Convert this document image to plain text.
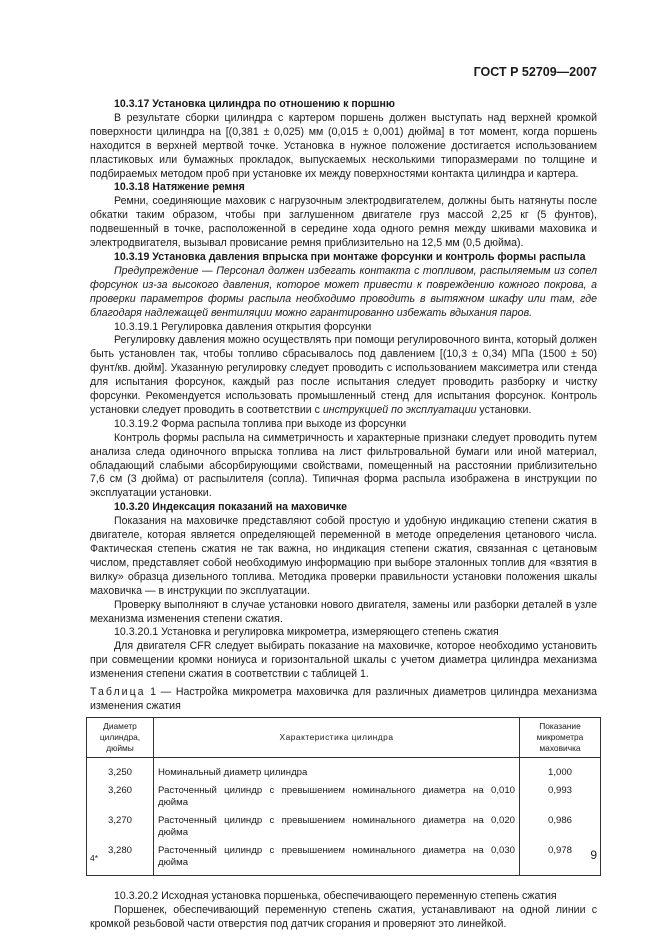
ГОСТ Р 52709—2007

10.3.17 Установка цилиндра по отношению к поршню

В результате сборки цилиндра с картером поршень должен выступать над верхней кромкой поверхности цилиндра на [(0,381 ± 0,025) мм (0,015 ± 0,001) дюйма] в тот момент, когда поршень находится в верхней мертвой точке. Установка в нужное положение достигается использованием пластиковых или бумажных прокладок, выпускаемых несколькими типоразмерами по толщине и подбираемых методом проб при установке их между поверхностями контакта цилиндра и картера.

10.3.18 Натяжение ремня

Ремни, соединяющие маховик с нагрузочным электродвигателем, должны быть натянуты после обкатки таким образом, чтобы при заглушенном двигателе груз массой 2,25 кг (5 фунтов), подвешенный в точке, расположенной в середине хода одного ремня между шкивами маховика и электродвигателя, вызывал провисание ремня приблизительно на 12,5 мм (0,5 дюйма).

10.3.19 Установка давления впрыска при монтаже форсунки и контроль формы распыла

Предупреждение — Персонал должен избегать контакта с топливом, распыляемым из сопел форсунок из-за высокого давления, которое может привести к повреждению кожного покрова, а проверки параметров формы распыла необходимо проводить в вытяжном шкафу или там, где благодаря надлежащей вентиляции можно гарантированно избежать вдыхания паров.

10.3.19.1 Регулировка давления открытия форсунки

Регулировку давления можно осуществлять при помощи регулировочного винта, который должен быть установлен так, чтобы топливо сбрасывалось под давлением [(10,3 ± 0,34) МПа (1500 ± 50) фунт/кв. дюйм]. Указанную регулировку следует проводить с использованием максиметра или стенда для испытания форсунок, каждый раз после испытания следует проводить разборку и чистку форсунки. Рекомендуется использовать промышленный стенд для испытания форсунок. Контроль установки следует проводить в соответствии с инструкцией по эксплуатации установки.

10.3.19.2 Форма распыла топлива при выходе из форсунки

Контроль формы распыла на симметричность и характерные признаки следует проводить путем анализа следа одиночного впрыска топлива на лист фильтровальной бумаги или иной материал, обладающий слабыми абсорбирующими свойствами, помещенный на расстоянии приблизительно 7,6 см (3 дюйма) от распылителя (сопла). Типичная форма распыла изображена в инструкции по эксплуатации установки.

10.3.20 Индексация показаний на маховичке

Показания на маховичке представляют собой простую и удобную индикацию степени сжатия в двигателе, которая является определяющей переменной в методе определения цетанового числа. Фактическая степень сжатия не так важна, но индикация степени сжатия, связанная с цетановым числом, представляет собой необходимую информацию при выборе эталонных топлив для «взятия в вилку» образца дизельного топлива. Методика проверки правильности установки положения шкалы маховичка — в инструкции по эксплуатации.

Проверку выполняют в случае установки нового двигателя, замены или разборки деталей в узле механизма изменения степени сжатия.

10.3.20.1 Установка и регулировка микрометра, измеряющего степень сжатия

Для двигателя CFR следует выбирать показание на маховичке, которое необходимо установить при совмещении кромки нониуса и горизонтальной шкалы с учетом диаметра цилиндра механизма изменения степени сжатия в соответствии с таблицей 1.

Таблица 1 — Настройка микрометра маховичка для различных диаметров цилиндра механизма изменения сжатия

Диаметр цилиндра, дюймы	Характеристика цилиндра	Показание микрометра маховичка
3,250	Номинальный диаметр цилиндра	1,000
3,260	Расточенный цилиндр с превышением номинального диаметра на 0,010 дюйма	0,993
3,270	Расточенный цилиндр с превышением номинального диаметра на 0,020 дюйма	0,986
3,280	Расточенный цилиндр с превышением номинального диаметра на 0,030 дюйма	0,978

10.3.20.2 Исходная установка поршенька, обеспечивающего переменную степень сжатия

Поршенек, обеспечивающий переменную степень сжатия, устанавливают на одной линии с кромкой резьбовой части отверстия под датчик сгорания и проверяют это линейкой.

4*	9
